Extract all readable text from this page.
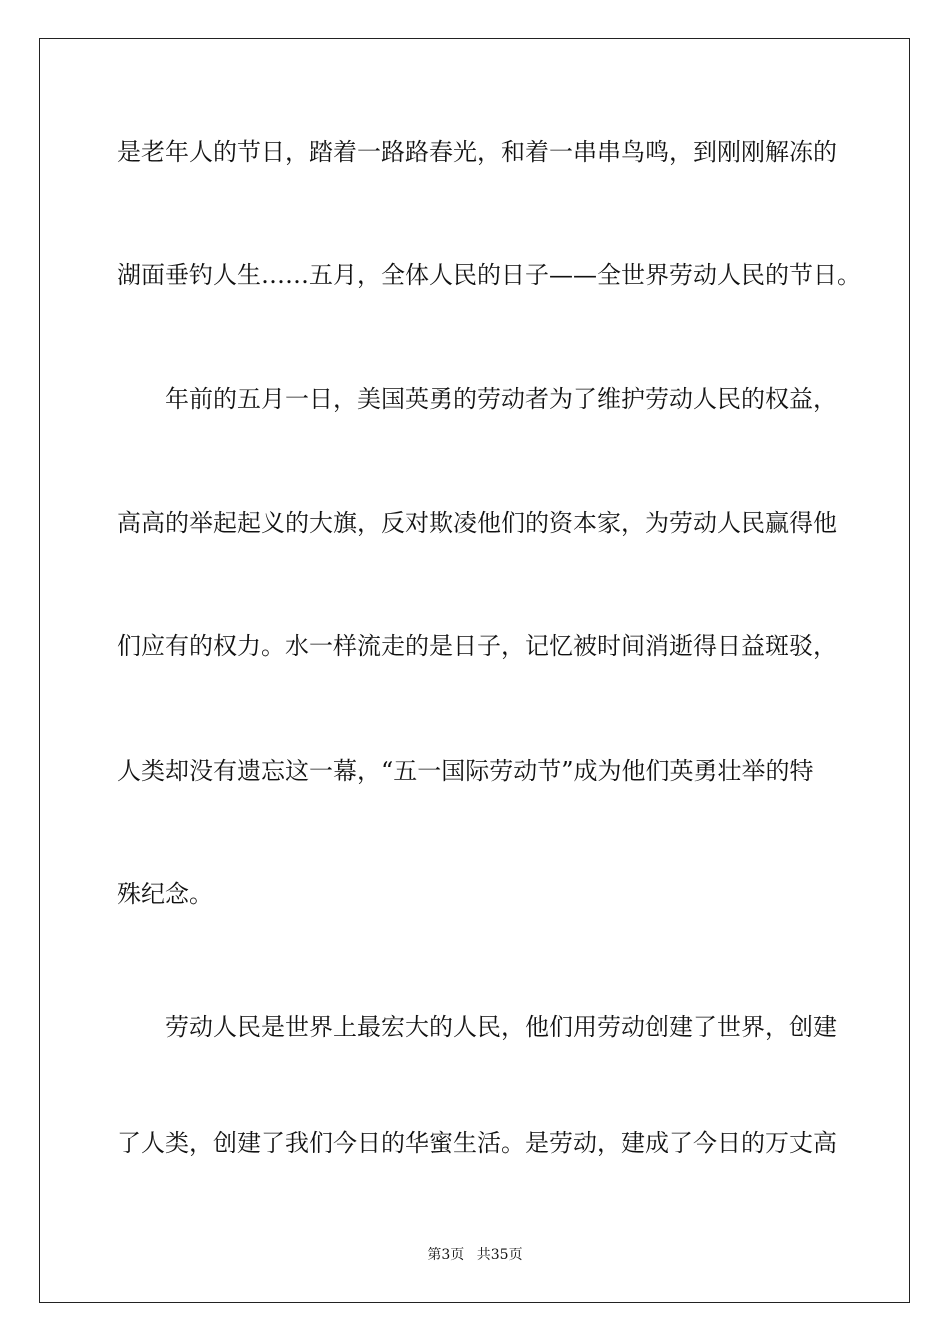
是老年人的节日，踏着一路路春光，和着一串串鸟鸣，到刚刚解冻的
湖面垂钓人生……五月，全体人民的日子——全世界劳动人民的节日。
年前的五月一日，美国英勇的劳动者为了维护劳动人民的权益，
高高的举起起义的大旗，反对欺凌他们的资本家，为劳动人民赢得他
们应有的权力。水一样流走的是日子，记忆被时间消逝得日益斑驳，
人类却没有遗忘这一幕，“五一国际劳动节”成为他们英勇壮举的特
殊纪念。
劳动人民是世界上最宏大的人民，他们用劳动创建了世界，创建
了人类，创建了我们今日的华蜜生活。是劳动，建成了今日的万丈高
第3页 共35页
